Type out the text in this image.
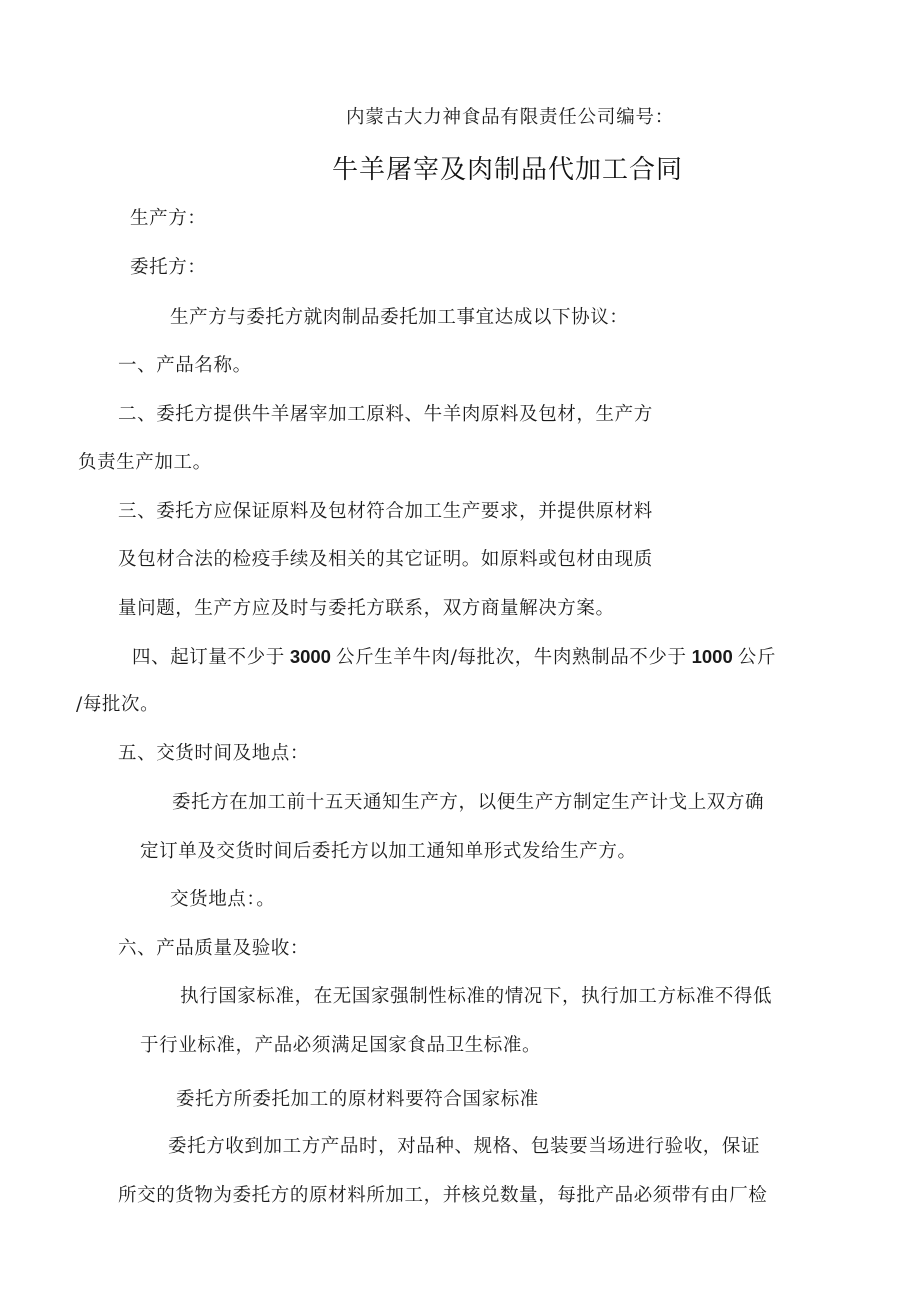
内蒙古大力神食品有限责任公司编号：
牛羊屠宰及肉制品代加工合同
生产方：
委托方：
生产方与委托方就肉制品委托加工事宜达成以下协议：
一、产品名称。
二、委托方提供牛羊屠宰加工原料、牛羊肉原料及包材，生产方
负责生产加工。
三、委托方应保证原料及包材符合加工生产要求，并提供原材料
及包材合法的检疫手续及相关的其它证明。如原料或包材由现质
量问题，生产方应及时与委托方联系，双方商量解决方案。
四、起订量不少于 3000 公斤生羊牛肉/每批次，牛肉熟制品不少于 1000 公斤
/每批次。
五、交货时间及地点：
委托方在加工前十五天通知生产方，以便生产方制定生产计戈上双方确
定订单及交货时间后委托方以加工通知单形式发给生产方。
交货地点：。
六、产品质量及验收：
执行国家标准，在无国家强制性标准的情况下，执行加工方标准不得低
于行业标准，产品必须满足国家食品卫生标准。
委托方所委托加工的原材料要符合国家标准
委托方收到加工方产品时，对品种、规格、包装要当场进行验收，保证
所交的货物为委托方的原材料所加工，并核兑数量，每批产品必须带有由厂检
